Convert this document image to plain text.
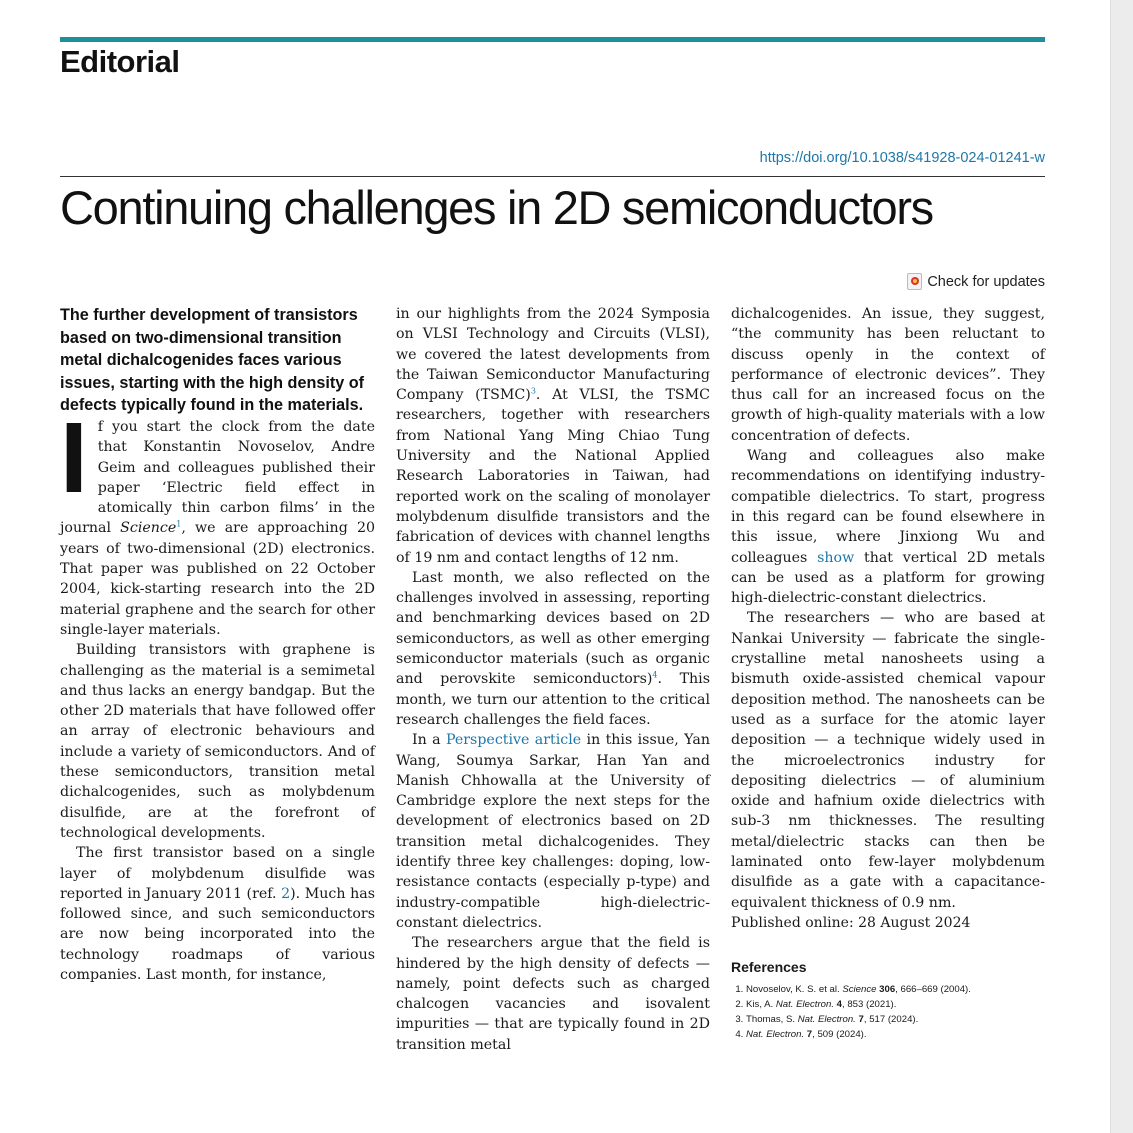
Editorial
https://doi.org/10.1038/s41928-024-01241-w
Continuing challenges in 2D semiconductors
Check for updates

The further development of transistors based on two-dimensional transition metal dichalcogenides faces various issues, starting with the high density of defects typically found in the materials.

If you start the clock from the date that Konstantin Novoselov, Andre Geim and colleagues published their paper ‘Electric field effect in atomically thin carbon films’ in the journal Science$^1$, we are approaching 20 years of two-dimensional (2D) electronics. That paper was published on 22 October 2004, kick-starting research into the 2D material graphene and the search for other single-layer materials.

Building transistors with graphene is challenging as the material is a semimetal and thus lacks an energy bandgap. But the other 2D materials that have followed offer an array of electronic behaviours and include a variety of semiconductors. And of these semiconductors, transition metal dichalcogenides, such as molybdenum disulfide, are at the forefront of technological developments.

The first transistor based on a single layer of molybdenum disulfide was reported in January 2011 (ref. 2). Much has followed since, and such semiconductors are now being incorporated into the technology roadmaps of various companies. Last month, for instance,

in our highlights from the 2024 Symposia on VLSI Technology and Circuits (VLSI), we covered the latest developments from the Taiwan Semiconductor Manufacturing Company (TSMC)$^3$. At VLSI, the TSMC researchers, together with researchers from National Yang Ming Chiao Tung University and the National Applied Research Laboratories in Taiwan, had reported work on the scaling of monolayer molybdenum disulfide transistors and the fabrication of devices with channel lengths of 19 nm and contact lengths of 12 nm.

Last month, we also reflected on the challenges involved in assessing, reporting and benchmarking devices based on 2D semiconductors, as well as other emerging semiconductor materials (such as organic and perovskite semiconductors)$^4$. This month, we turn our attention to the critical research challenges the field faces.

In a Perspective article in this issue, Yan Wang, Soumya Sarkar, Han Yan and Manish Chhowalla at the University of Cambridge explore the next steps for the development of electronics based on 2D transition metal dichalcogenides. They identify three key challenges: doping, low-resistance contacts (especially p-type) and industry-compatible high-dielectric-constant dielectrics.

The researchers argue that the field is hindered by the high density of defects — namely, point defects such as charged chalcogen vacancies and isovalent impurities — that are typically found in 2D transition metal

dichalcogenides. An issue, they suggest, “the community has been reluctant to discuss openly in the context of performance of electronic devices”. They thus call for an increased focus on the growth of high-quality materials with a low concentration of defects.

Wang and colleagues also make recommendations on identifying industry-compatible dielectrics. To start, progress in this regard can be found elsewhere in this issue, where Jinxiong Wu and colleagues show that vertical 2D metals can be used as a platform for growing high-dielectric-constant dielectrics.

The researchers — who are based at Nankai University — fabricate the single-crystalline metal nanosheets using a bismuth oxide-assisted chemical vapour deposition method. The nanosheets can be used as a surface for the atomic layer deposition — a technique widely used in the microelectronics industry for depositing dielectrics — of aluminium oxide and hafnium oxide dielectrics with sub-3 nm thicknesses. The resulting metal/dielectric stacks can then be laminated onto few-layer molybdenum disulfide as a gate with a capacitance-equivalent thickness of 0.9 nm.

Published online: 28 August 2024

References
1. Novoselov, K. S. et al. Science 306, 666–669 (2004).
2. Kis, A. Nat. Electron. 4, 853 (2021).
3. Thomas, S. Nat. Electron. 7, 517 (2024).
4. Nat. Electron. 7, 509 (2024).
